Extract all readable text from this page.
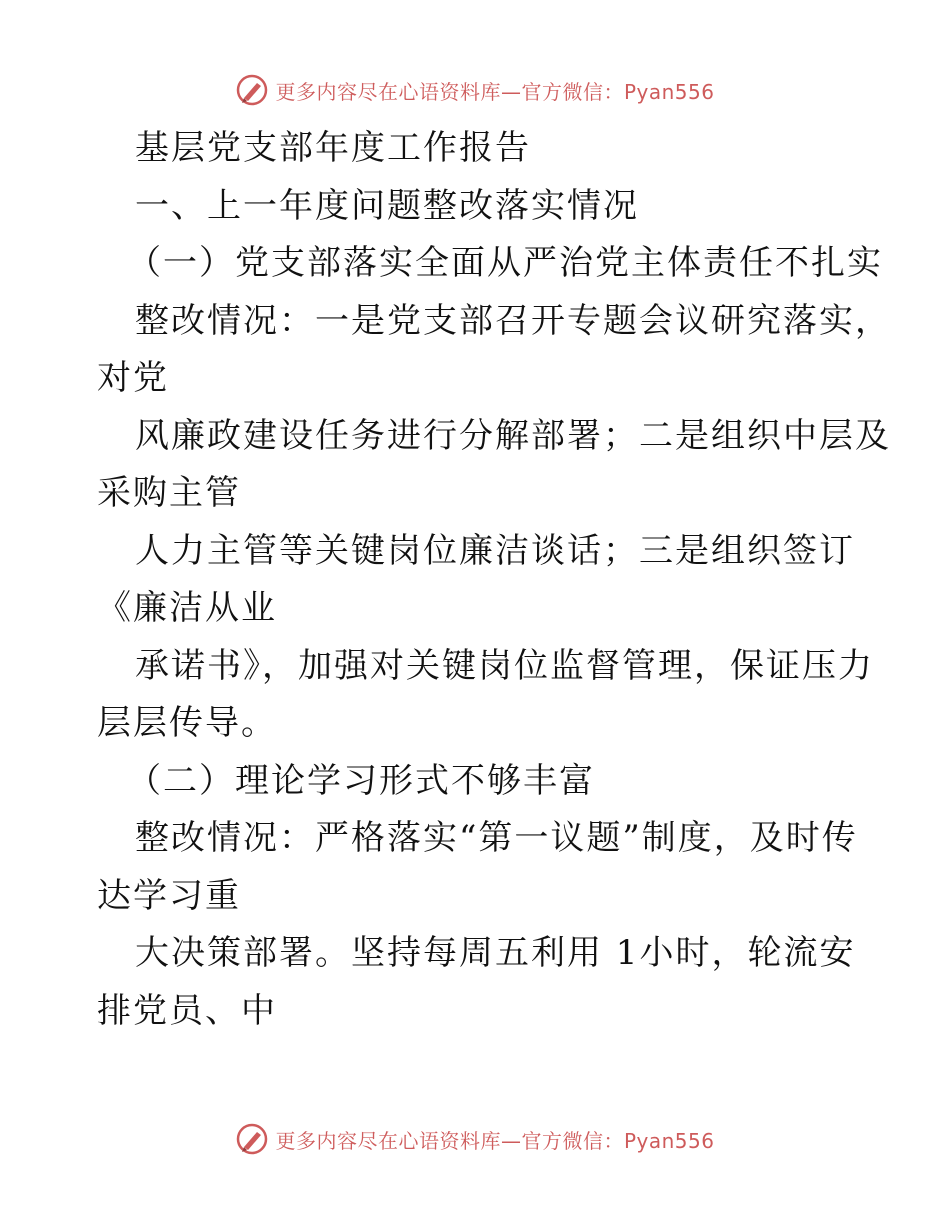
更多内容尽在心语资料库—官方微信：Pyan556
基层党支部年度工作报告
一、上一年度问题整改落实情况
（一）党支部落实全面从严治党主体责任不扎实
整改情况：一是党支部召开专题会议研究落实，
对党
风廉政建设任务进行分解部署；二是组织中层及
采购主管
人力主管等关键岗位廉洁谈话；三是组织签订
《廉洁从业
承诺书》，加强对关键岗位监督管理，保证压力
层层传导。
（二）理论学习形式不够丰富
整改情况：严格落实“第一议题”制度，及时传
达学习重
大决策部署。坚持每周五利用 1小时，轮流安
排党员、中
更多内容尽在心语资料库—官方微信：Pyan556
